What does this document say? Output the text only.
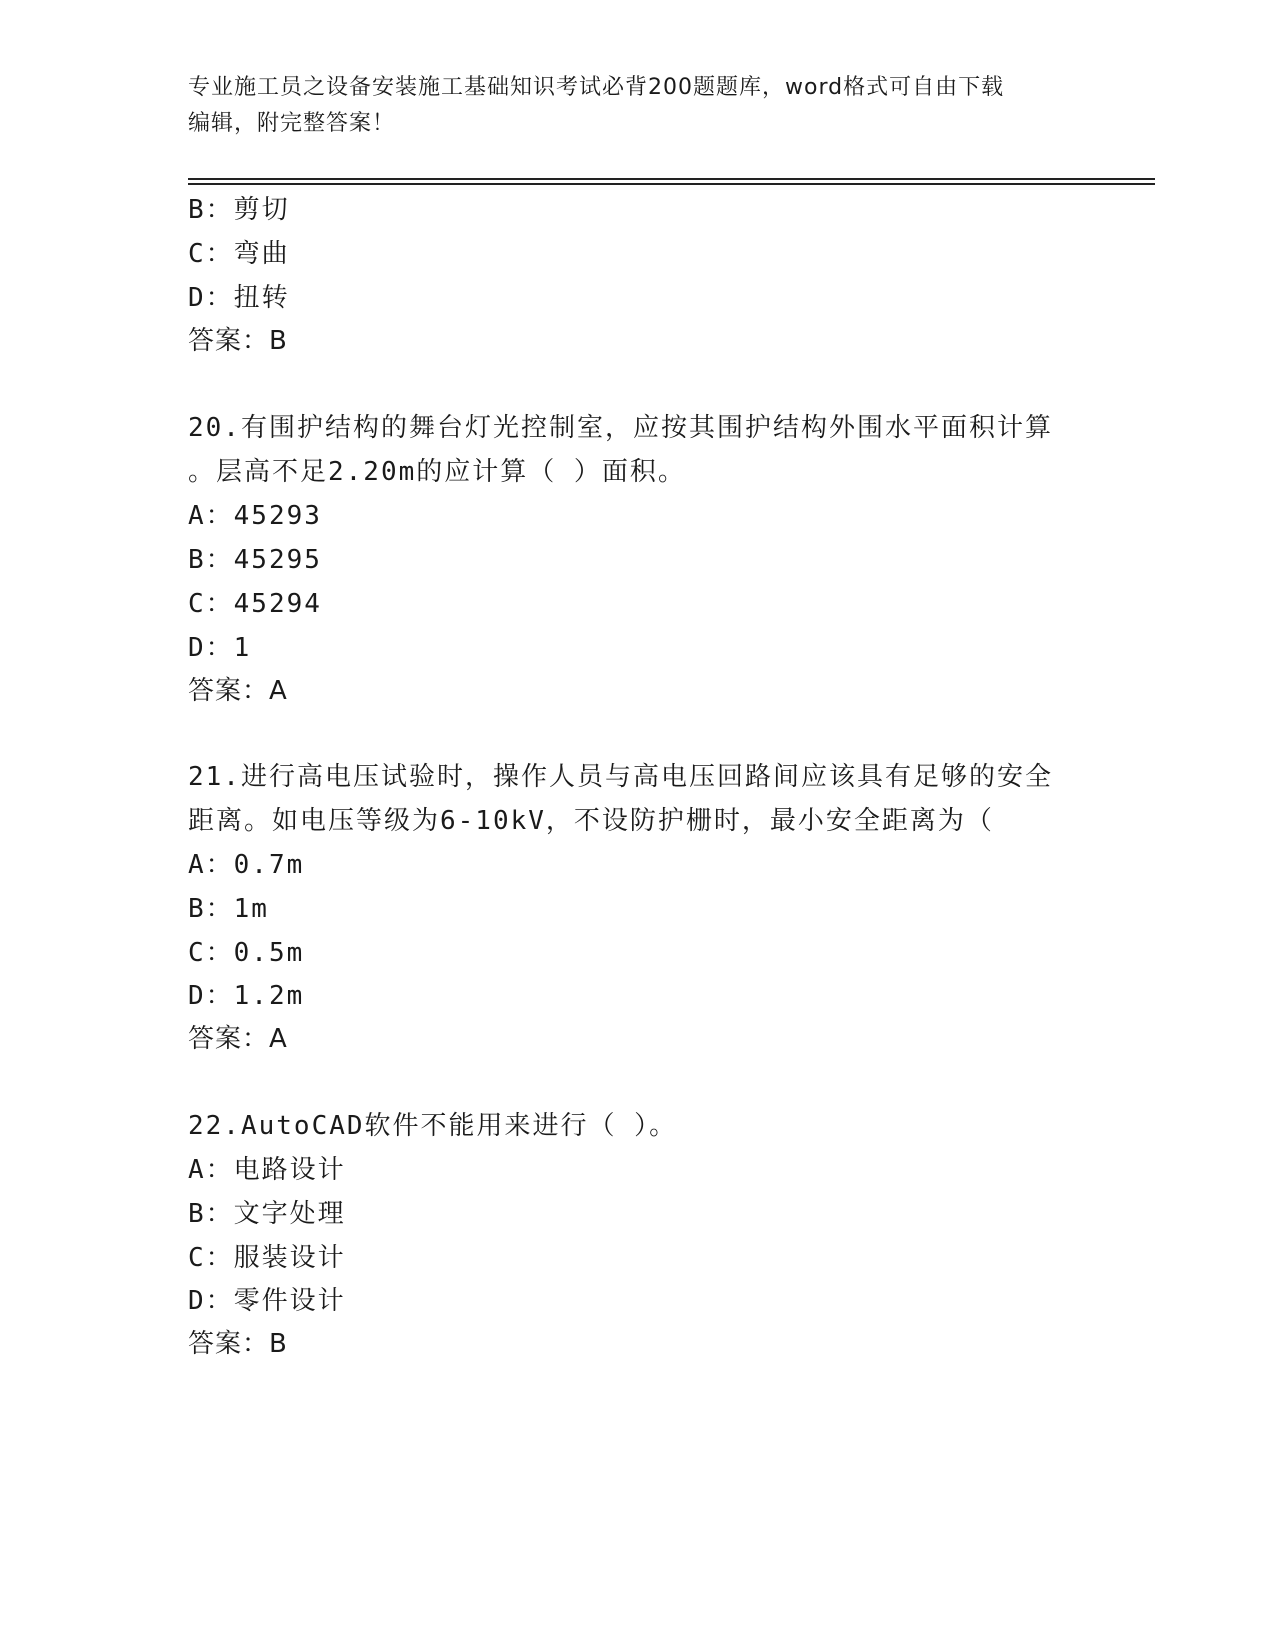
专业施工员之设备安装施工基础知识考试必背200题题库，word格式可自由下载
编辑，附完整答案！
B：剪切
C：弯曲
D：扭转
答案：B
20.有围护结构的舞台灯光控制室，应按其围护结构外围水平面积计算
。层高不足2.20m的应计算（ ）面积。
A：45293
B：45295
C：45294
D：1
答案：A
21.进行高电压试验时，操作人员与高电压回路间应该具有足够的安全
距离。如电压等级为6-10kV，不设防护栅时，最小安全距离为（
A：0.7m
B：1m
C：0.5m
D：1.2m
答案：A
22.AutoCAD软件不能用来进行（ ）。
A：电路设计
B：文字处理
C：服装设计
D：零件设计
答案：B
